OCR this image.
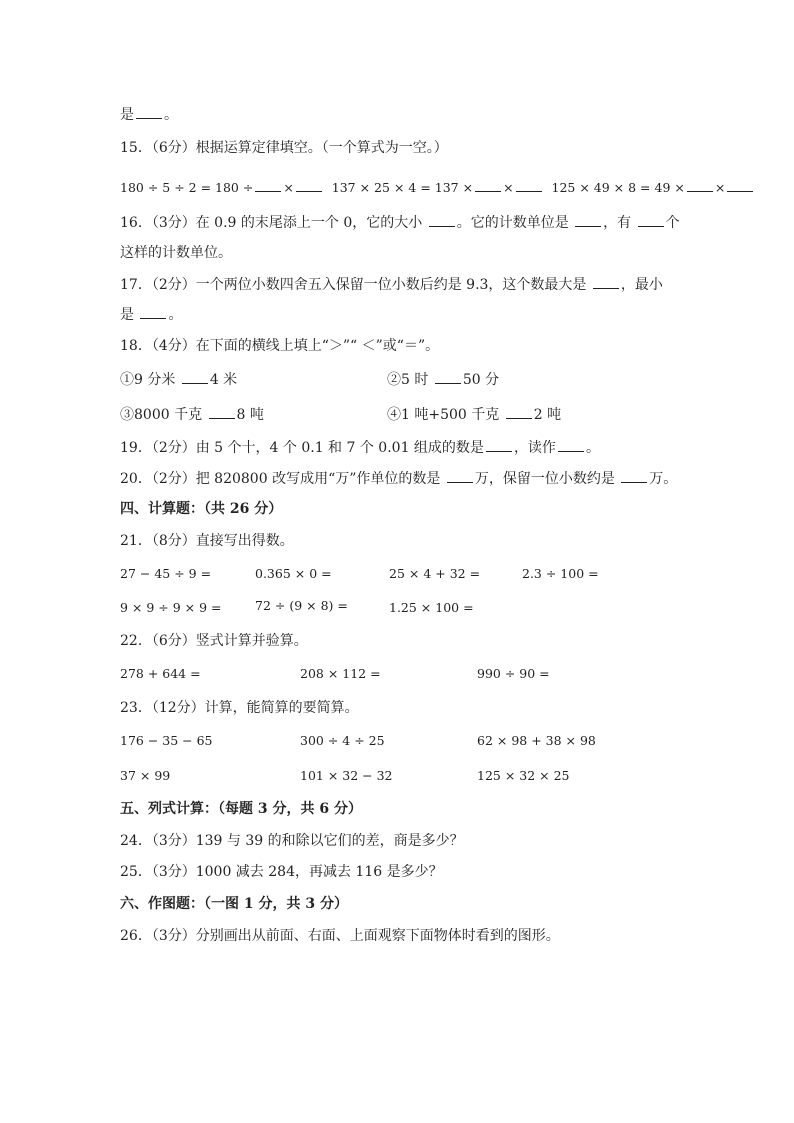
是 。
15．（6分）根据运算定律填空。（一个算式为一空。）
180 ÷ 5 ÷ 2 = 180 ÷ ×	137 × 25 × 4 = 137 × ×	125 × 49 × 8 = 49 × ×
16．（3分）在 0.9 的末尾添上一个 0，它的大小 。它的计数单位是 ，有 个
这样的计数单位。
17．（2分）一个两位小数四舍五入保留一位小数后约是 9.3，这个数最大是 ，最小
是 。
18．（4分）在下面的横线上填上“＞”“ ＜”或“＝”。
①9 分米 4 米	②5 时 50 分
③8000 千克 8 吨	④1 吨+500 千克 2 吨
19．（2分）由 5 个十，4 个 0.1 和 7 个 0.01 组成的数是 ，读作 。
20．（2分）把 820800 改写成用“万”作单位的数是 万，保留一位小数约是 万。
四、计算题：（共 26 分）
21．（8分）直接写出得数。
27 − 45 ÷ 9 =	0.365 × 0 =	25 × 4 + 32 =	2.3 ÷ 100 =
9 × 9 ÷ 9 × 9 =	72 ÷ (9 × 8) =	1.25 × 100 =
22．（6分）竖式计算并验算。
278 + 644 =	208 × 112 =	990 ÷ 90 =
23．（12分）计算，能简算的要简算。
176 − 35 − 65	300 ÷ 4 ÷ 25	62 × 98 + 38 × 98
37 × 99	101 × 32 − 32	125 × 32 × 25
五、列式计算：（每题 3 分，共 6 分）
24．（3分）139 与 39 的和除以它们的差，商是多少？
25．（3分）1000 减去 284，再减去 116 是多少？
六、作图题：（一图 1 分，共 3 分）
26．（3分）分别画出从前面、右面、上面观察下面物体时看到的图形。
